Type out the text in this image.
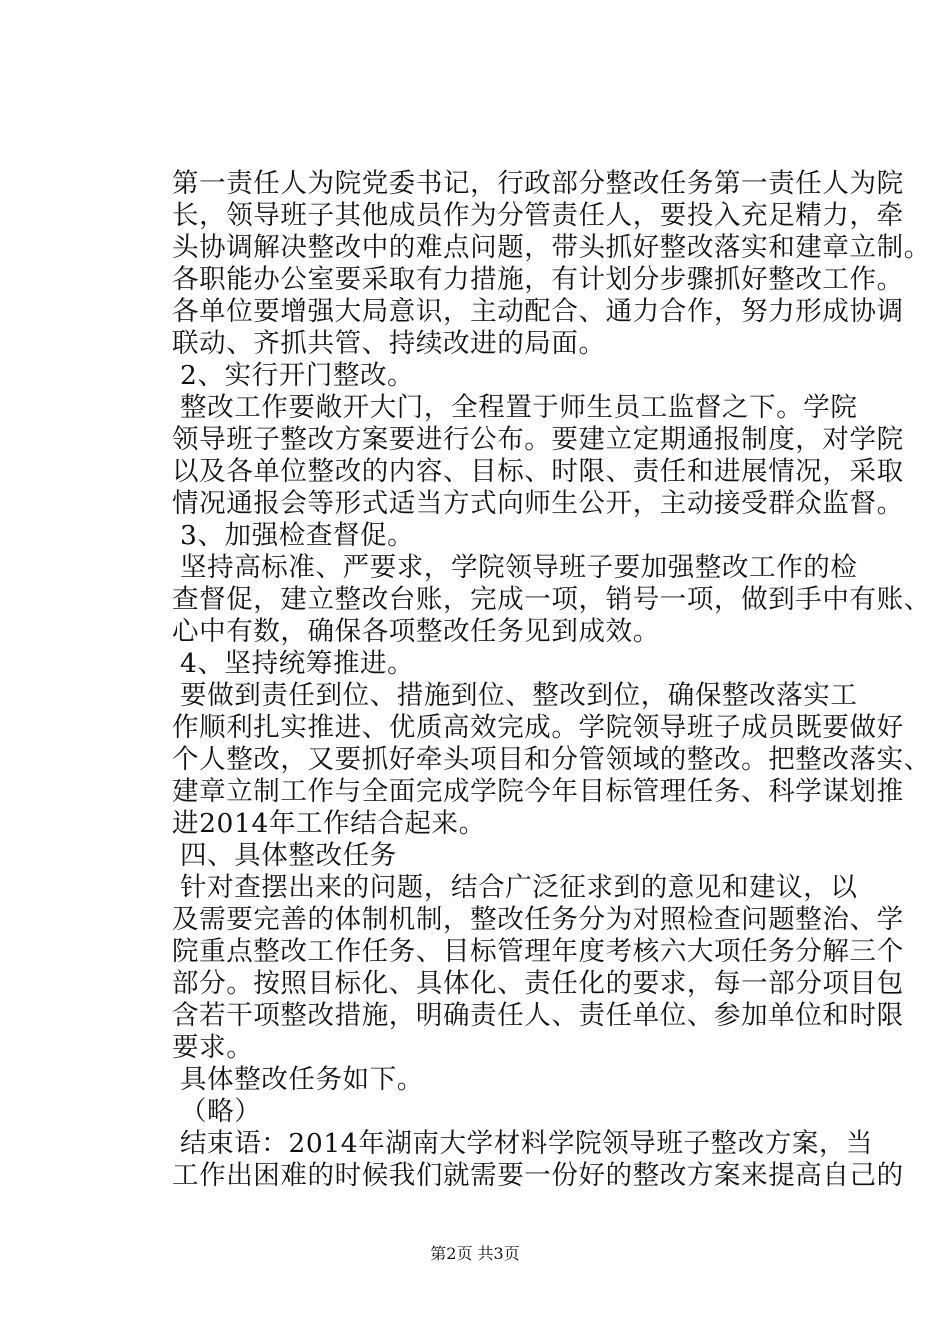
第一责任人为院党委书记，行政部分整改任务第一责任人为院
长，领导班子其他成员作为分管责任人，要投入充足精力，牵
头协调解决整改中的难点问题，带头抓好整改落实和建章立制。
各职能办公室要采取有力措施，有计划分步骤抓好整改工作。
各单位要增强大局意识，主动配合、通力合作，努力形成协调
联动、齐抓共管、持续改进的局面。
2、实行开门整改。
整改工作要敞开大门，全程置于师生员工监督之下。学院
领导班子整改方案要进行公布。要建立定期通报制度，对学院
以及各单位整改的内容、目标、时限、责任和进展情况，采取
情况通报会等形式适当方式向师生公开，主动接受群众监督。
3、加强检查督促。
坚持高标准、严要求，学院领导班子要加强整改工作的检
查督促，建立整改台账，完成一项，销号一项，做到手中有账、
心中有数，确保各项整改任务见到成效。
4、坚持统筹推进。
要做到责任到位、措施到位、整改到位，确保整改落实工
作顺利扎实推进、优质高效完成。学院领导班子成员既要做好
个人整改，又要抓好牵头项目和分管领域的整改。把整改落实、
建章立制工作与全面完成学院今年目标管理任务、科学谋划推
进2014年工作结合起来。
四、具体整改任务
针对查摆出来的问题，结合广泛征求到的意见和建议，以
及需要完善的体制机制，整改任务分为对照检查问题整治、学
院重点整改工作任务、目标管理年度考核六大项任务分解三个
部分。按照目标化、具体化、责任化的要求，每一部分项目包
含若干项整改措施，明确责任人、责任单位、参加单位和时限
要求。
具体整改任务如下。
（略）
结束语：2014年湖南大学材料学院领导班子整改方案，当
工作出困难的时候我们就需要一份好的整改方案来提高自己的
第2页 共3页
